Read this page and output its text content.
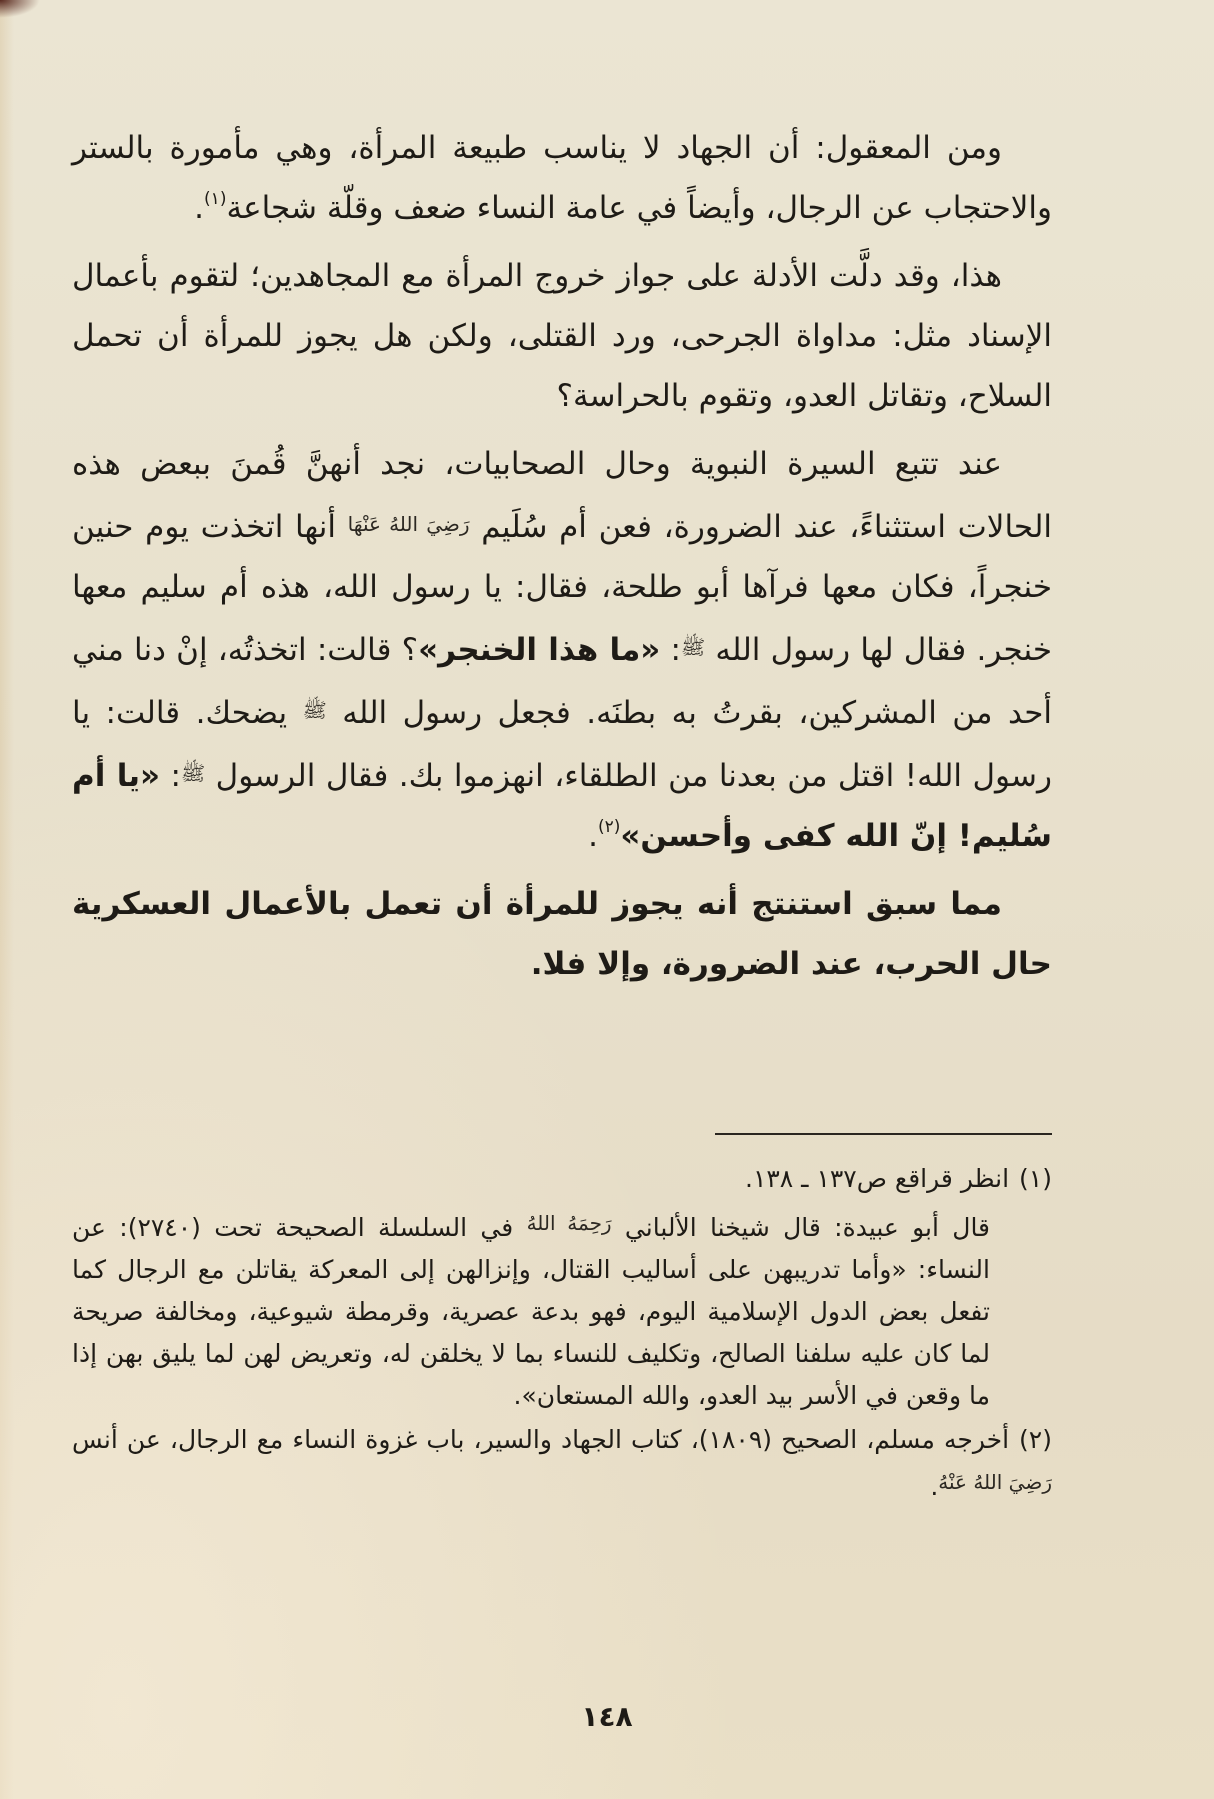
ومن المعقول: أن الجهاد لا يناسب طبيعة المرأة، وهي مأمورة بالستر والاحتجاب عن الرجال، وأيضاً في عامة النساء ضعف وقلّة شجاعة$^{(١)}$.

هذا، وقد دلَّت الأدلة على جواز خروج المرأة مع المجاهدين؛ لتقوم بأعمال الإسناد مثل: مداواة الجرحى، ورد القتلى، ولكن هل يجوز للمرأة أن تحمل السلاح، وتقاتل العدو، وتقوم بالحراسة؟

عند تتبع السيرة النبوية وحال الصحابيات، نجد أنهنَّ قُمنَ ببعض هذه الحالات استثناءً، عند الضرورة، فعن أم سُلَيم رَضِيَ اللهُ عَنْهَا أنها اتخذت يوم حنين خنجراً، فكان معها فرآها أبو طلحة، فقال: يا رسول الله، هذه أم سليم معها خنجر. فقال لها رسول الله ﷺ: «ما هذا الخنجر»؟ قالت: اتخذتُه، إنْ دنا مني أحد من المشركين، بقرتُ به بطنَه. فجعل رسول الله ﷺ يضحك. قالت: يا رسول الله! اقتل من بعدنا من الطلقاء، انهزموا بك. فقال الرسول ﷺ: «يا أم سُليم! إنّ الله كفى وأحسن»$^{(٢)}$.

مما سبق استنتج أنه يجوز للمرأة أن تعمل بالأعمال العسكرية حال الحرب، عند الضرورة، وإلا فلا.

(١)انظر قراقع ص١٣٧ ـ ١٣٨.

قال أبو عبيدة: قال شيخنا الألباني $^{رَحِمَهُ اللهُ}$ في السلسلة الصحيحة تحت (٢٧٤٠): عن النساء: «وأما تدريبهن على أساليب القتال، وإنزالهن إلى المعركة يقاتلن مع الرجال كما تفعل بعض الدول الإسلامية اليوم، فهو بدعة عصرية، وقرمطة شيوعية، ومخالفة صريحة لما كان عليه سلفنا الصالح، وتكليف للنساء بما لا يخلقن له، وتعريض لهن لما يليق بهن إذا ما وقعن في الأسر بيد العدو، والله المستعان».

(٢)أخرجه مسلم، الصحيح (١٨٠٩)، كتاب الجهاد والسير، باب غزوة النساء مع الرجال، عن أنس $^{رَضِيَ اللهُ عَنْهُ}$.

١٤٨
